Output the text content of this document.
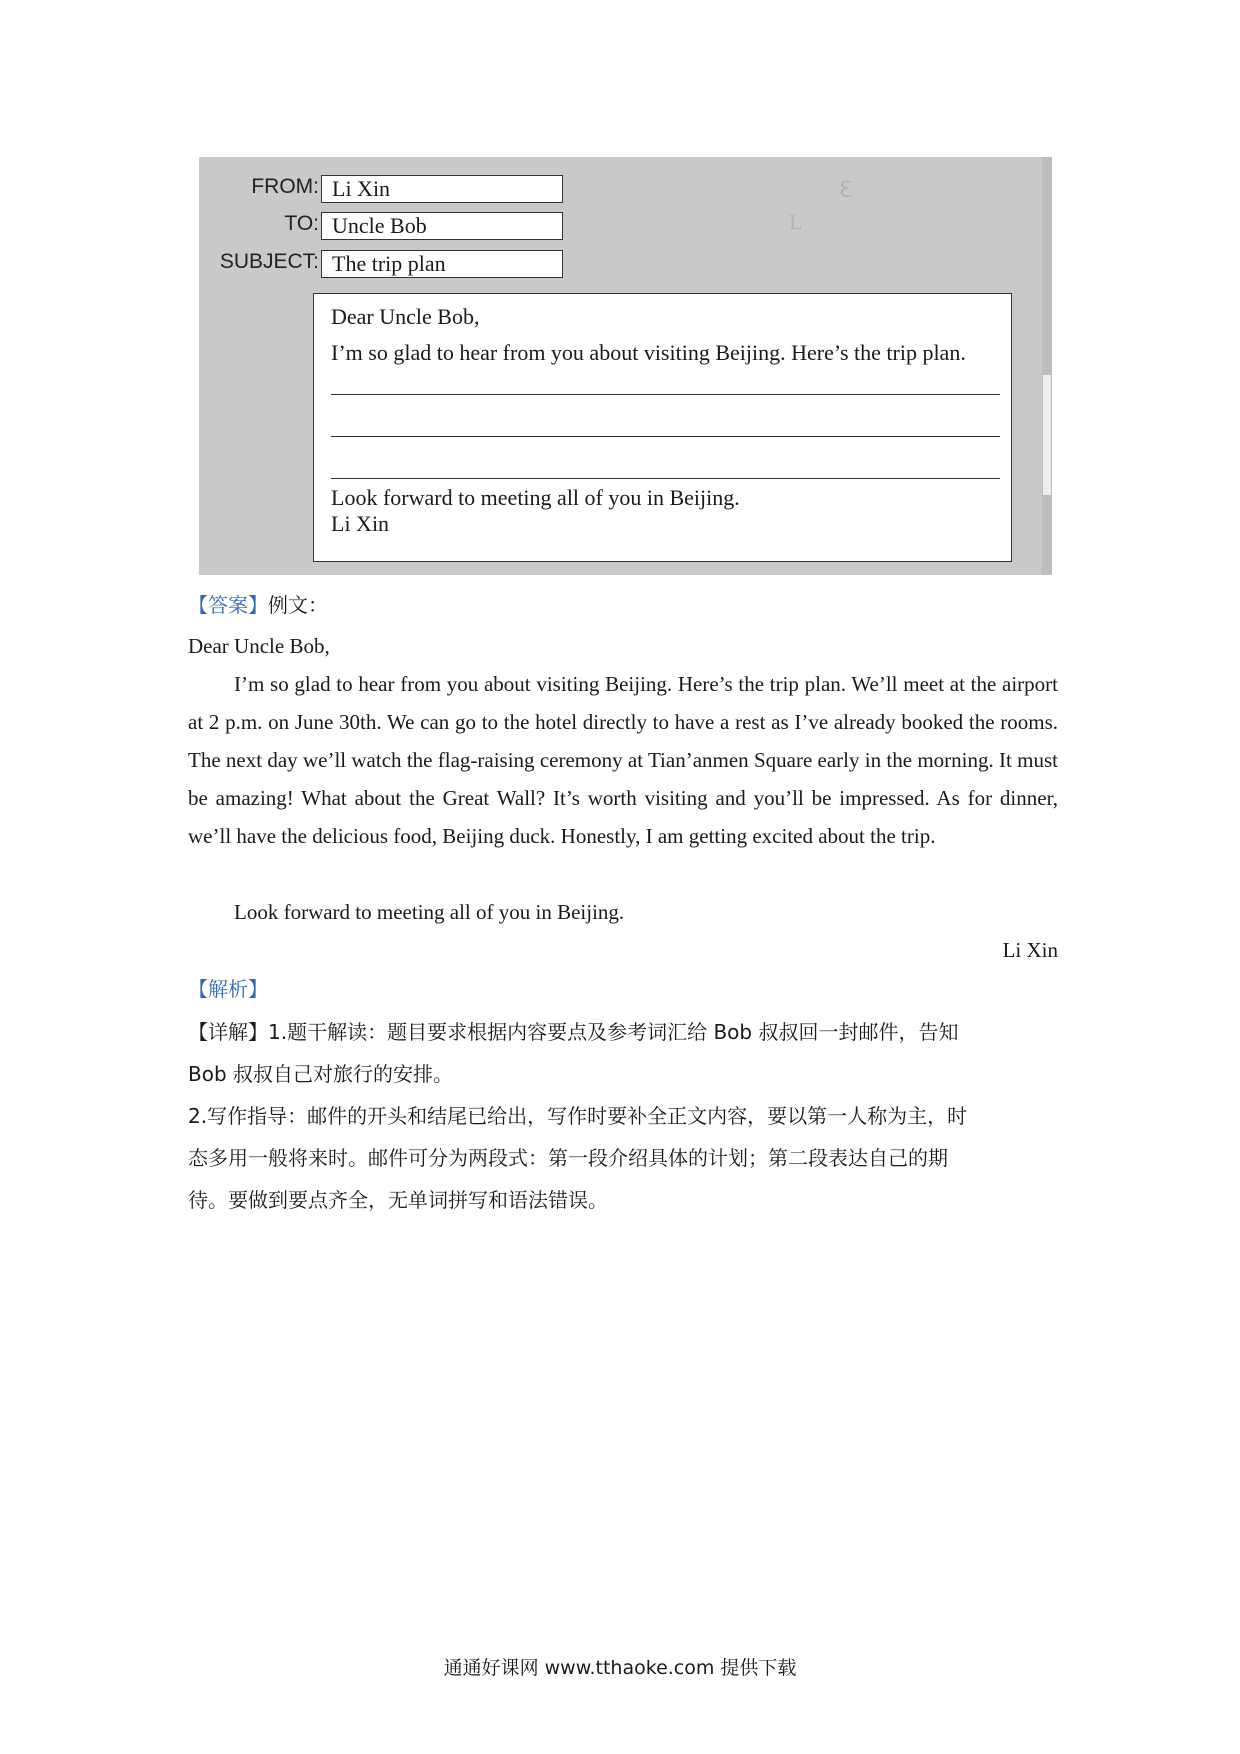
ℇ
L
FROM: Li Xin
TO: Uncle Bob
SUBJECT: The trip plan
Dear Uncle Bob,
I’m so glad to hear from you about visiting Beijing. Here’s the trip plan.
Look forward to meeting all of you in Beijing.
Li Xin
【答案】例文：
Dear Uncle Bob,
I’m so glad to hear from you about visiting Beijing. Here’s the trip plan. We’ll meet at the airport at 2 p.m. on June 30th. We can go to the hotel directly to have a rest as I’ve already booked the rooms. The next day we’ll watch the flag-raising ceremony at Tian’anmen Square early in the morning. It must be amazing! What about the Great Wall? It’s worth visiting and you’ll be impressed. As for dinner, we’ll have the delicious food, Beijing duck. Honestly, I am getting excited about the trip.
Look forward to meeting all of you in Beijing.
Li Xin
【解析】
【详解】1.题干解读：题目要求根据内容要点及参考词汇给 Bob 叔叔回一封邮件，告知
Bob 叔叔自己对旅行的安排。
2.写作指导：邮件的开头和结尾已给出，写作时要补全正文内容，要以第一人称为主，时
态多用一般将来时。邮件可分为两段式：第一段介绍具体的计划；第二段表达自己的期
待。要做到要点齐全，无单词拼写和语法错误。
通通好课网 www.tthaoke.com 提供下载
